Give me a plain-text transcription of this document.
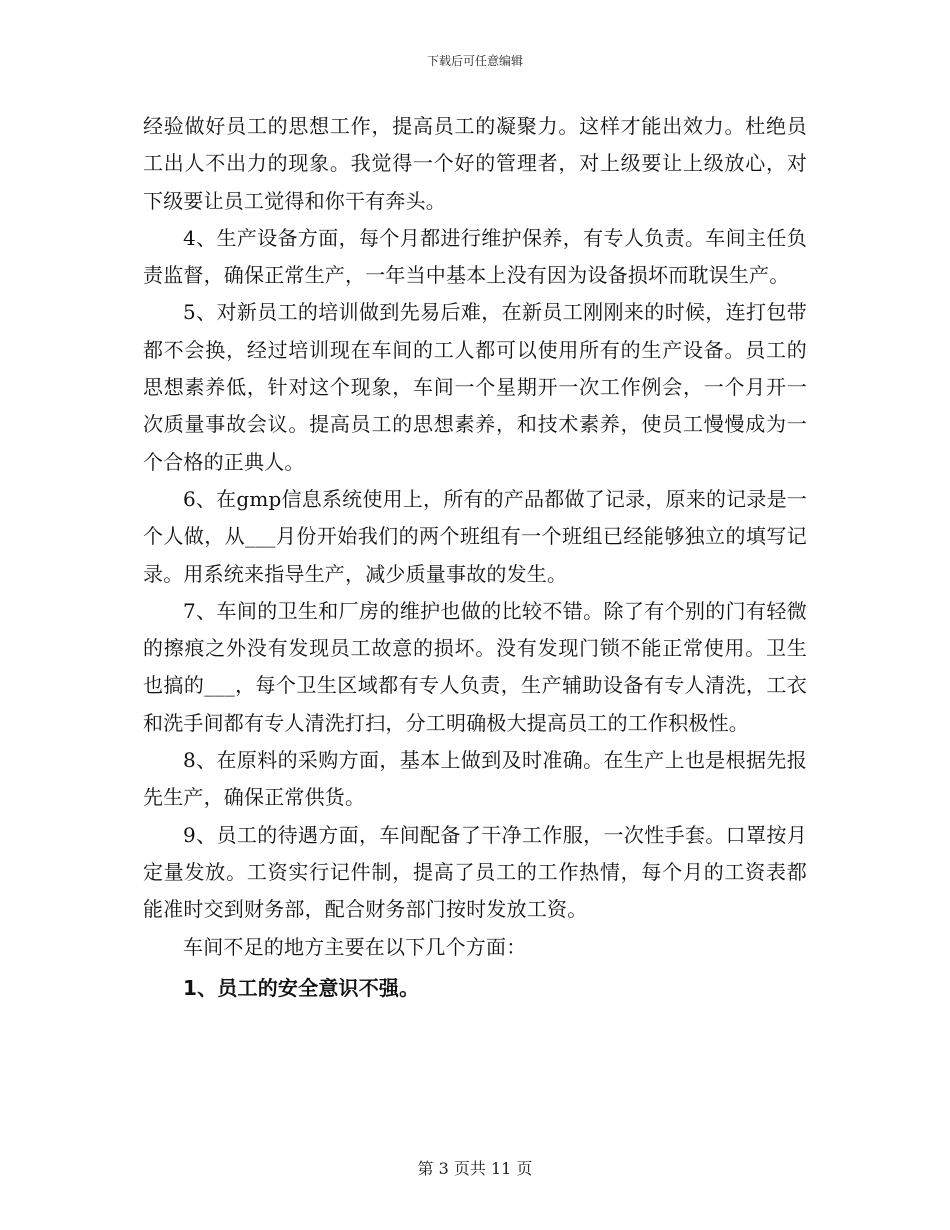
下载后可任意编辑

经验做好员工的思想工作，提高员工的凝聚力。这样才能出效力。杜绝员工出人不出力的现象。我觉得一个好的管理者，对上级要让上级放心，对下级要让员工觉得和你干有奔头。

4、生产设备方面，每个月都进行维护保养，有专人负责。车间主任负责监督，确保正常生产，一年当中基本上没有因为设备损坏而耽误生产。

5、对新员工的培训做到先易后难，在新员工刚刚来的时候，连打包带都不会换，经过培训现在车间的工人都可以使用所有的生产设备。员工的思想素养低，针对这个现象，车间一个星期开一次工作例会，一个月开一次质量事故会议。提高员工的思想素养，和技术素养，使员工慢慢成为一个合格的正典人。

6、在gmp信息系统使用上，所有的产品都做了记录，原来的记录是一个人做，从___月份开始我们的两个班组有一个班组已经能够独立的填写记录。用系统来指导生产，减少质量事故的发生。

7、车间的卫生和厂房的维护也做的比较不错。除了有个别的门有轻微的擦痕之外没有发现员工故意的损坏。没有发现门锁不能正常使用。卫生也搞的___，每个卫生区域都有专人负责，生产辅助设备有专人清洗，工衣和洗手间都有专人清洗打扫，分工明确极大提高员工的工作积极性。

8、在原料的采购方面，基本上做到及时准确。在生产上也是根据先报先生产，确保正常供货。

9、员工的待遇方面，车间配备了干净工作服，一次性手套。口罩按月定量发放。工资实行记件制，提高了员工的工作热情，每个月的工资表都能准时交到财务部，配合财务部门按时发放工资。

车间不足的地方主要在以下几个方面：

1、员工的安全意识不强。

第 3 页共 11 页
